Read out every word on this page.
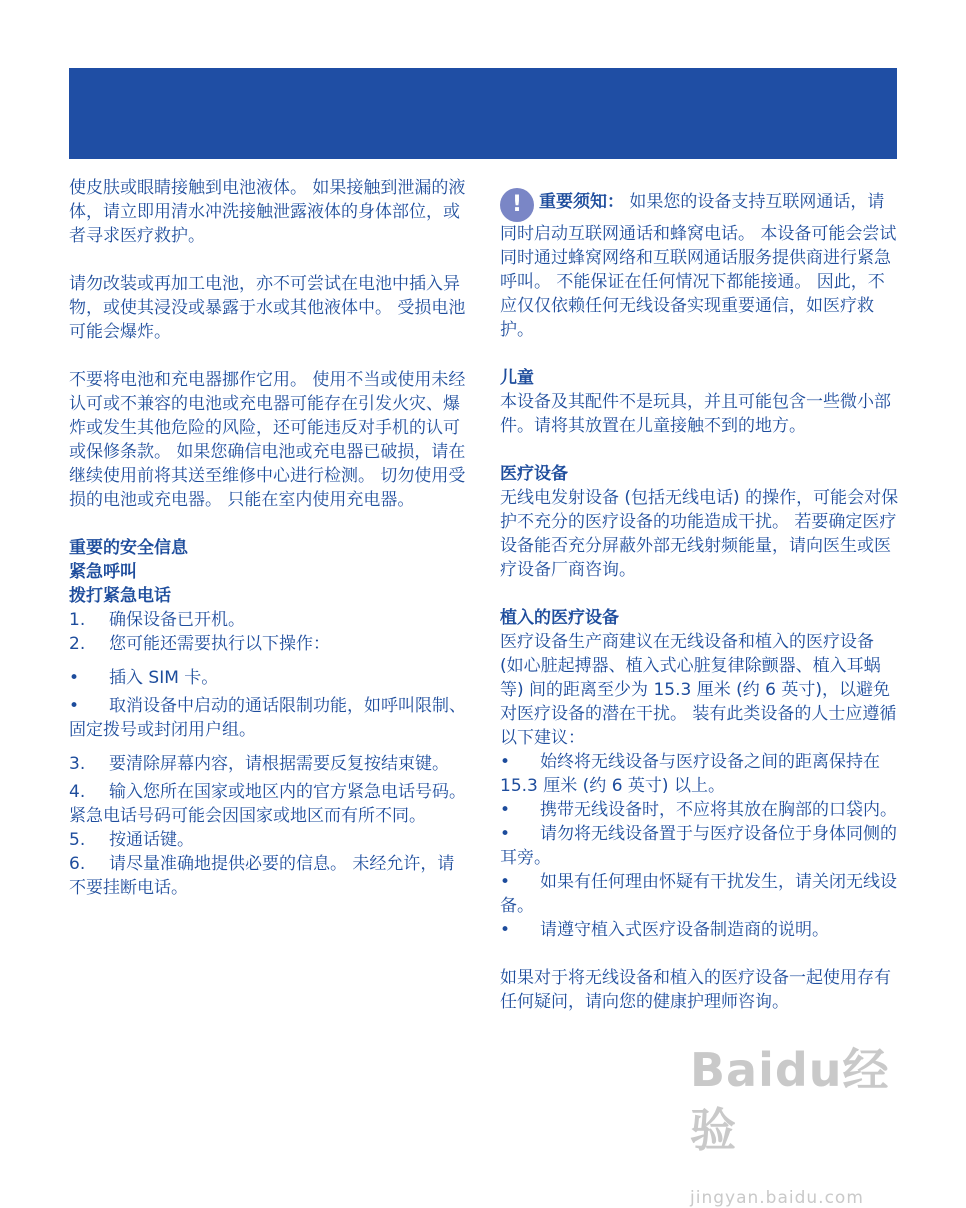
使皮肤或眼睛接触到电池液体。 如果接触到泄漏的液体，请立即用清水冲洗接触泄露液体的身体部位，或者寻求医疗救护。

请勿改装或再加工电池，亦不可尝试在电池中插入异物，或使其浸没或暴露于水或其他液体中。 受损电池可能会爆炸。

不要将电池和充电器挪作它用。 使用不当或使用未经认可或不兼容的电池或充电器可能存在引发火灾、爆炸或发生其他危险的风险，还可能违反对手机的认可或保修条款。 如果您确信电池或充电器已破损，请在继续使用前将其送至维修中心进行检测。 切勿使用受损的电池或充电器。 只能在室内使用充电器。

重要的安全信息

紧急呼叫

拨打紧急电话

1.	确保设备已开机。
2.	您可能还需要执行以下操作：

• 插入 SIM 卡。

• 取消设备中启动的通话限制功能，如呼叫限制、固定拨号或封闭用户组。

3. 要清除屏幕内容，请根据需要反复按结束键。

4. 输入您所在国家或地区内的官方紧急电话号码。 紧急电话号码可能会因国家或地区而有所不同。

5. 按通话键。

6. 请尽量准确地提供必要的信息。 未经允许，请不要挂断电话。

! 重要须知： 如果您的设备支持互联网通话，请同时启动互联网通话和蜂窝电话。 本设备可能会尝试同时通过蜂窝网络和互联网通话服务提供商进行紧急呼叫。 不能保证在任何情况下都能接通。 因此，不应仅仅依赖任何无线设备实现重要通信，如医疗救护。

儿童

本设备及其配件不是玩具，并且可能包含一些微小部件。请将其放置在儿童接触不到的地方。

医疗设备

无线电发射设备 (包括无线电话) 的操作，可能会对保护不充分的医疗设备的功能造成干扰。 若要确定医疗设备能否充分屏蔽外部无线射频能量，请向医生或医疗设备厂商咨询。

植入的医疗设备

医疗设备生产商建议在无线设备和植入的医疗设备 (如心脏起搏器、植入式心脏复律除颤器、植入耳蜗等) 间的距离至少为 15.3 厘米 (约 6 英寸)，以避免对医疗设备的潜在干扰。 装有此类设备的人士应遵循以下建议：

• 始终将无线设备与医疗设备之间的距离保持在 15.3 厘米 (约 6 英寸) 以上。

• 携带无线设备时，不应将其放在胸部的口袋内。

• 请勿将无线设备置于与医疗设备位于身体同侧的耳旁。

• 如果有任何理由怀疑有干扰发生，请关闭无线设备。

• 请遵守植入式医疗设备制造商的说明。

如果对于将无线设备和植入的医疗设备一起使用存有任何疑问，请向您的健康护理师咨询。

Baidu经验
jingyan.baidu.com
